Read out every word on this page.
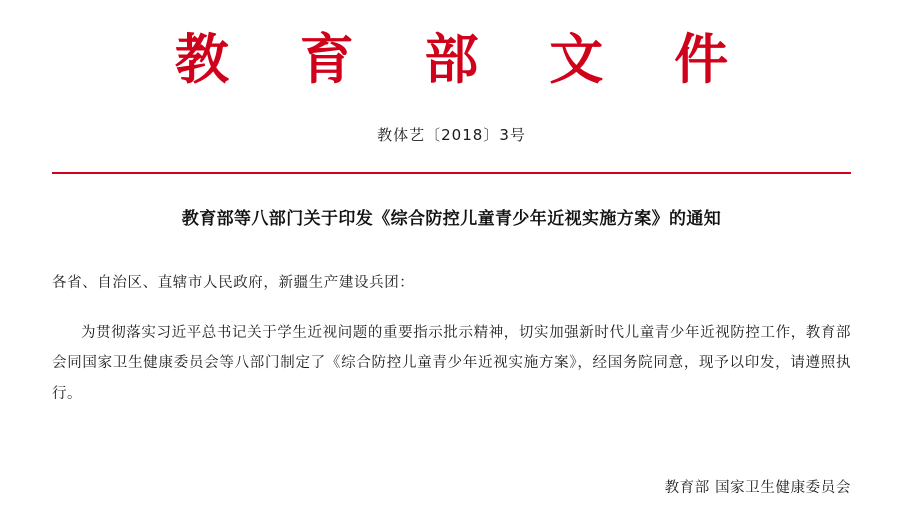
教 育 部 文 件
教体艺〔2018〕3号
教育部等八部门关于印发《综合防控儿童青少年近视实施方案》的通知
各省、自治区、直辖市人民政府，新疆生产建设兵团：
为贯彻落实习近平总书记关于学生近视问题的重要指示批示精神，切实加强新时代儿童青少年近视防控工作，教育部会同国家卫生健康委员会等八部门制定了《综合防控儿童青少年近视实施方案》，经国务院同意，现予以印发，请遵照执行。
教育部 国家卫生健康委员会
